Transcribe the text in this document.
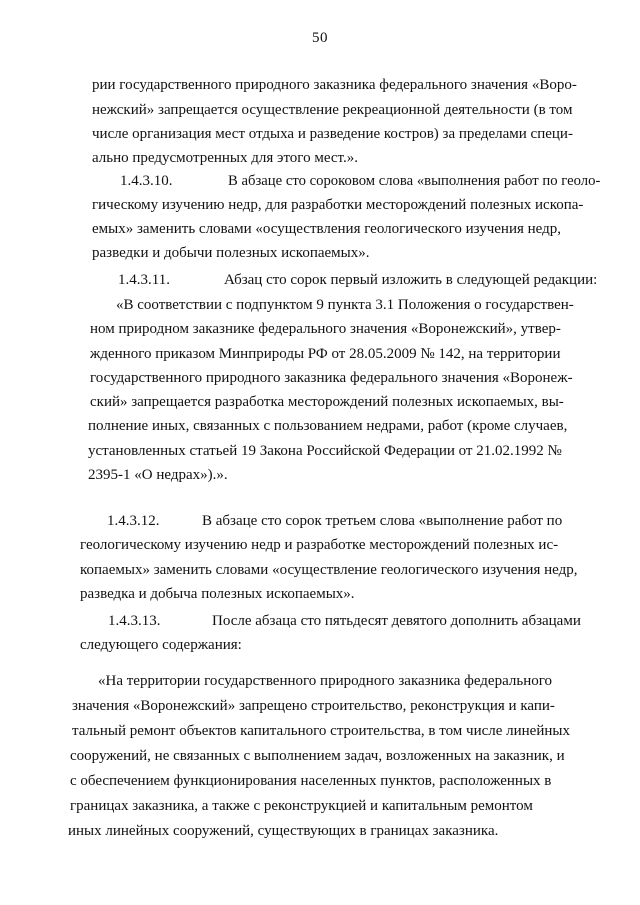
50

рии государственного природного заказника федерального значения «Воро-

нежский» запрещается осуществление рекреационной деятельности (в том

числе организация мест отдыха и разведение костров) за пределами специ-

ально предусмотренных для этого мест.».

1.4.3.10.	В абзаце сто сороковом слова «выполнения работ по геоло-

гическому изучению недр, для разработки месторождений полезных ископа-

емых» заменить словами «осуществления геологического изучения недр,

разведки и добычи полезных ископаемых».

1.4.3.11.	Абзац сто сорок первый изложить в следующей редакции:

«В соответствии с подпунктом 9 пункта 3.1 Положения о государствен-

ном природном заказнике федерального значения «Воронежский», утвер-

жденного приказом Минприроды РФ от 28.05.2009 № 142, на территории

государственного природного заказника федерального значения «Воронеж-

ский» запрещается разработка месторождений полезных ископаемых, вы-

полнение иных, связанных с пользованием недрами, работ (кроме случаев,

установленных статьей 19 Закона Российской Федерации от 21.02.1992 №

2395-1 «О недрах»).».

1.4.3.12.	В абзаце сто сорок третьем слова «выполнение работ по

геологическому изучению недр и разработке месторождений полезных ис-

копаемых» заменить словами «осуществление геологического изучения недр,

разведка и добыча полезных ископаемых».

1.4.3.13.	После абзаца сто пятьдесят девятого дополнить абзацами

следующего содержания:

«На территории государственного природного заказника федерального

значения «Воронежский» запрещено строительство, реконструкция и капи-

тальный ремонт объектов капитального строительства, в том числе линейных

сооружений, не связанных с выполнением задач, возложенных на заказник, и

с обеспечением функционирования населенных пунктов, расположенных в

границах заказника, а также с реконструкцией и капитальным ремонтом

иных линейных сооружений, существующих в границах заказника.
